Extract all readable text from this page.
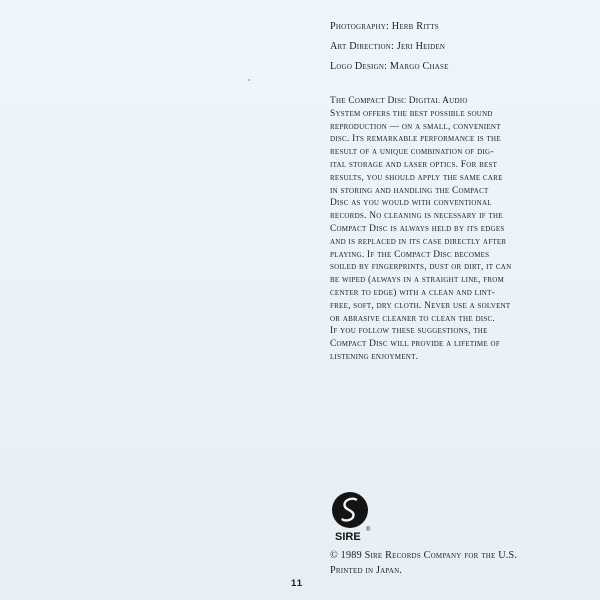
Photography: Herb Ritts
Art Direction: Jeri Heiden
Logo Design: Margo Chase
The Compact Disc Digital Audio
System offers the best possible sound
reproduction — on a small, convenient
disc. Its remarkable performance is the
result of a unique combination of dig-
ital storage and laser optics. For best
results, you should apply the same care
in storing and handling the Compact
Disc as you would with conventional
records. No cleaning is necessary if the
Compact Disc is always held by its edges
and is replaced in its case directly after
playing. If the Compact Disc becomes
soiled by fingerprints, dust or dirt, it can
be wiped (always in a straight line, from
center to edge) with a clean and lint-
free, soft, dry cloth. Never use a solvent
or abrasive cleaner to clean the disc.
If you follow these suggestions, the
Compact Disc will provide a lifetime of
listening enjoyment.
SIRE
®
© 1989 Sire Records Company for the U.S.
Printed in Japan.
11
